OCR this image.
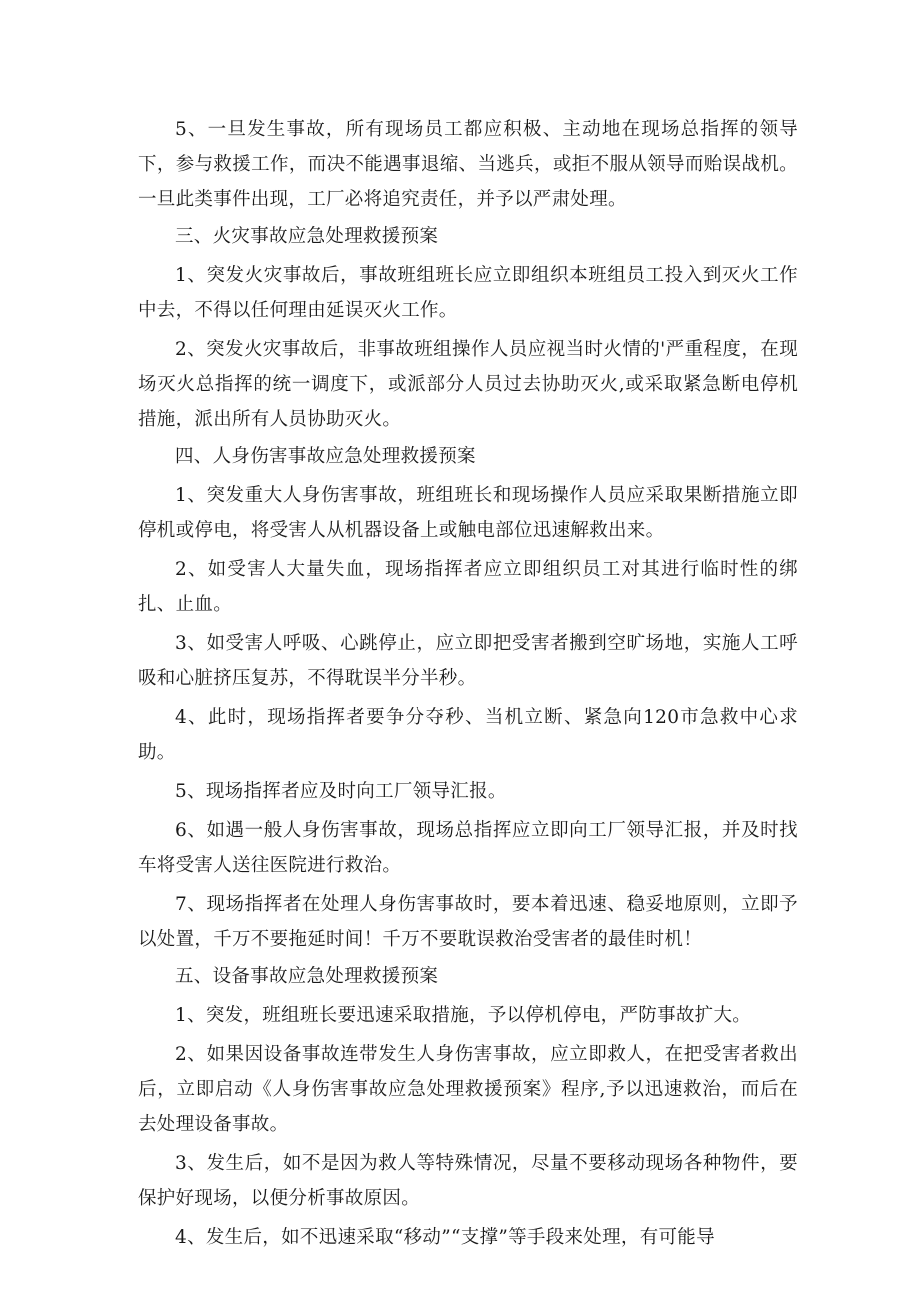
5、一旦发生事故，所有现场员工都应积极、主动地在现场总指挥的领导下，参与救援工作，而决不能遇事退缩、当逃兵，或拒不服从领导而贻误战机。一旦此类事件出现，工厂必将追究责任，并予以严肃处理。

三、火灾事故应急处理救援预案

1、突发火灾事故后，事故班组班长应立即组织本班组员工投入到灭火工作中去，不得以任何理由延误灭火工作。

2、突发火灾事故后，非事故班组操作人员应视当时火情的'严重程度，在现场灭火总指挥的统一调度下，或派部分人员过去协助灭火,或采取紧急断电停机措施，派出所有人员协助灭火。

四、人身伤害事故应急处理救援预案

1、突发重大人身伤害事故，班组班长和现场操作人员应采取果断措施立即停机或停电，将受害人从机器设备上或触电部位迅速解救出来。

2、如受害人大量失血，现场指挥者应立即组织员工对其进行临时性的绑扎、止血。

3、如受害人呼吸、心跳停止，应立即把受害者搬到空旷场地，实施人工呼吸和心脏挤压复苏，不得耽误半分半秒。

4、此时，现场指挥者要争分夺秒、当机立断、紧急向120市急救中心求助。

5、现场指挥者应及时向工厂领导汇报。

6、如遇一般人身伤害事故，现场总指挥应立即向工厂领导汇报，并及时找车将受害人送往医院进行救治。

7、现场指挥者在处理人身伤害事故时，要本着迅速、稳妥地原则，立即予以处置，千万不要拖延时间！千万不要耽误救治受害者的最佳时机！

五、设备事故应急处理救援预案

1、突发，班组班长要迅速采取措施，予以停机停电，严防事故扩大。

2、如果因设备事故连带发生人身伤害事故，应立即救人，在把受害者救出后，立即启动《人身伤害事故应急处理救援预案》程序,予以迅速救治，而后在去处理设备事故。

3、发生后，如不是因为救人等特殊情况，尽量不要移动现场各种物件，要保护好现场，以便分析事故原因。

4、发生后，如不迅速采取“移动”“支撑”等手段来处理，有可能导
